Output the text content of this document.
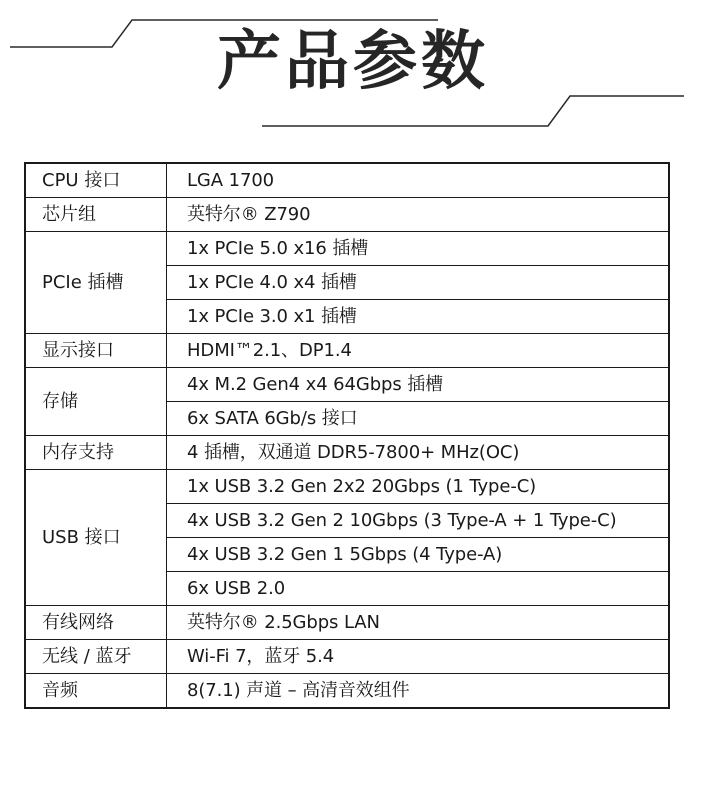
产品参数
CPU 接口	LGA 1700
芯片组	英特尔® Z790
PCIe 插槽	1x PCIe 5.0 x16 插槽
	1x PCIe 4.0 x4 插槽
	1x PCIe 3.0 x1 插槽
显示接口	HDMI™2.1、DP1.4
存储	4x M.2 Gen4 x4 64Gbps 插槽
	6x SATA 6Gb/s 接口
内存支持	4 插槽，双通道 DDR5-7800+ MHz(OC)
USB 接口	1x USB 3.2 Gen 2x2 20Gbps (1 Type-C)
	4x USB 3.2 Gen 2 10Gbps (3 Type-A + 1 Type-C)
	4x USB 3.2 Gen 1 5Gbps (4 Type-A)
	6x USB 2.0
有线网络	英特尔® 2.5Gbps LAN
无线 / 蓝牙	Wi-Fi 7，蓝牙 5.4
音频	8(7.1) 声道 – 高清音效组件
